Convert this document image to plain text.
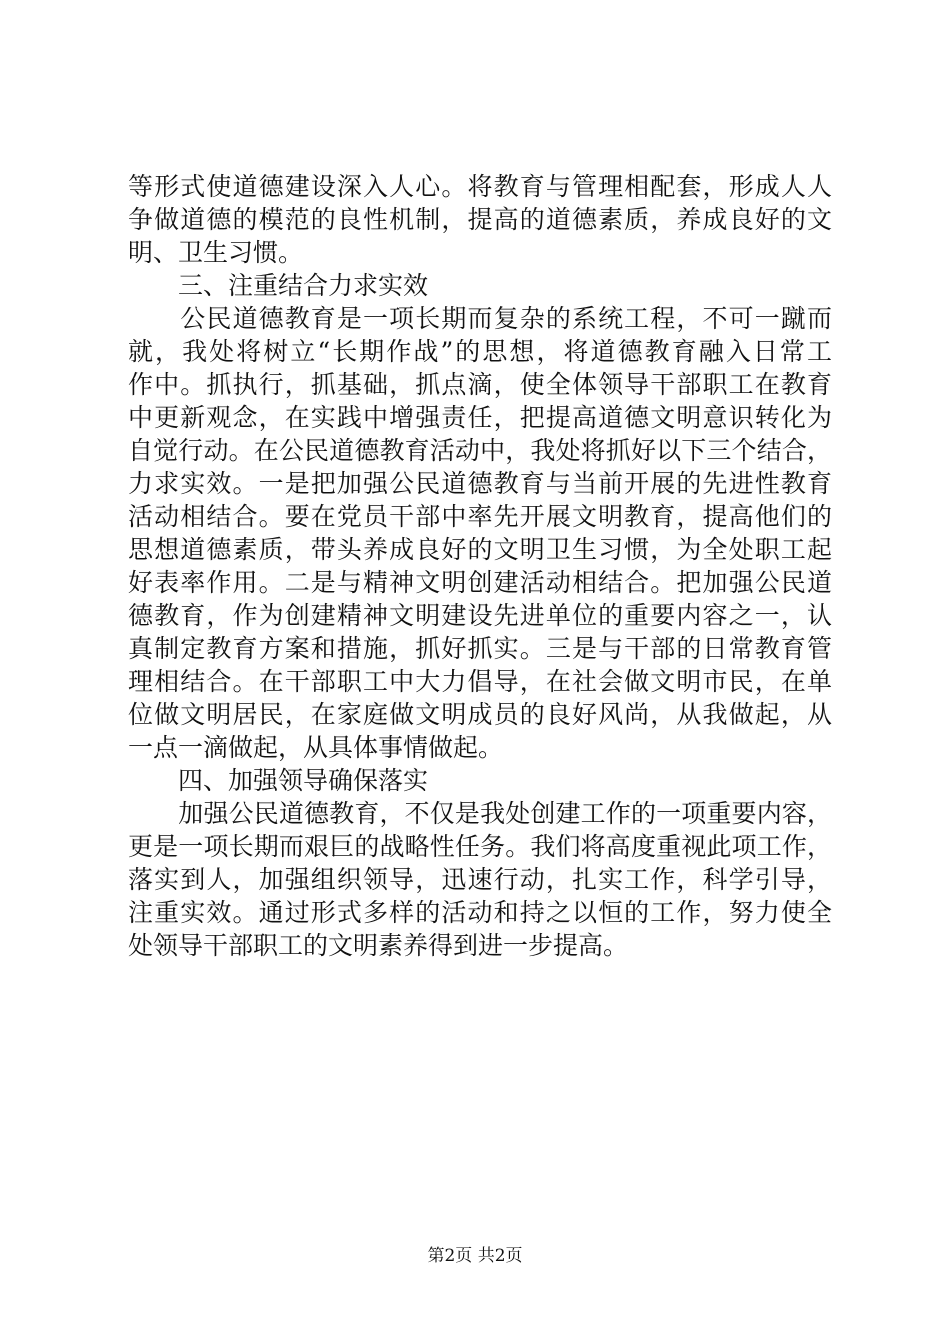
等形式使道德建设深入人心。将教育与管理相配套，形成人人
争做道德的模范的良性机制，提高的道德素质，养成良好的文
明、卫生习惯。
　　三、注重结合力求实效
　　公民道德教育是一项长期而复杂的系统工程，不可一蹴而
就，我处将树立“长期作战”的思想，将道德教育融入日常工
作中。抓执行，抓基础，抓点滴，使全体领导干部职工在教育
中更新观念，在实践中增强责任，把提高道德文明意识转化为
自觉行动。在公民道德教育活动中，我处将抓好以下三个结合，
力求实效。一是把加强公民道德教育与当前开展的先进性教育
活动相结合。要在党员干部中率先开展文明教育，提高他们的
思想道德素质，带头养成良好的文明卫生习惯，为全处职工起
好表率作用。二是与精神文明创建活动相结合。把加强公民道
德教育，作为创建精神文明建设先进单位的重要内容之一，认
真制定教育方案和措施，抓好抓实。三是与干部的日常教育管
理相结合。在干部职工中大力倡导，在社会做文明市民，在单
位做文明居民，在家庭做文明成员的良好风尚，从我做起，从
一点一滴做起，从具体事情做起。
　　四、加强领导确保落实
　　加强公民道德教育，不仅是我处创建工作的一项重要内容，
更是一项长期而艰巨的战略性任务。我们将高度重视此项工作，
落实到人，加强组织领导，迅速行动，扎实工作，科学引导，
注重实效。通过形式多样的活动和持之以恒的工作，努力使全
处领导干部职工的文明素养得到进一步提高。
第2页 共2页
